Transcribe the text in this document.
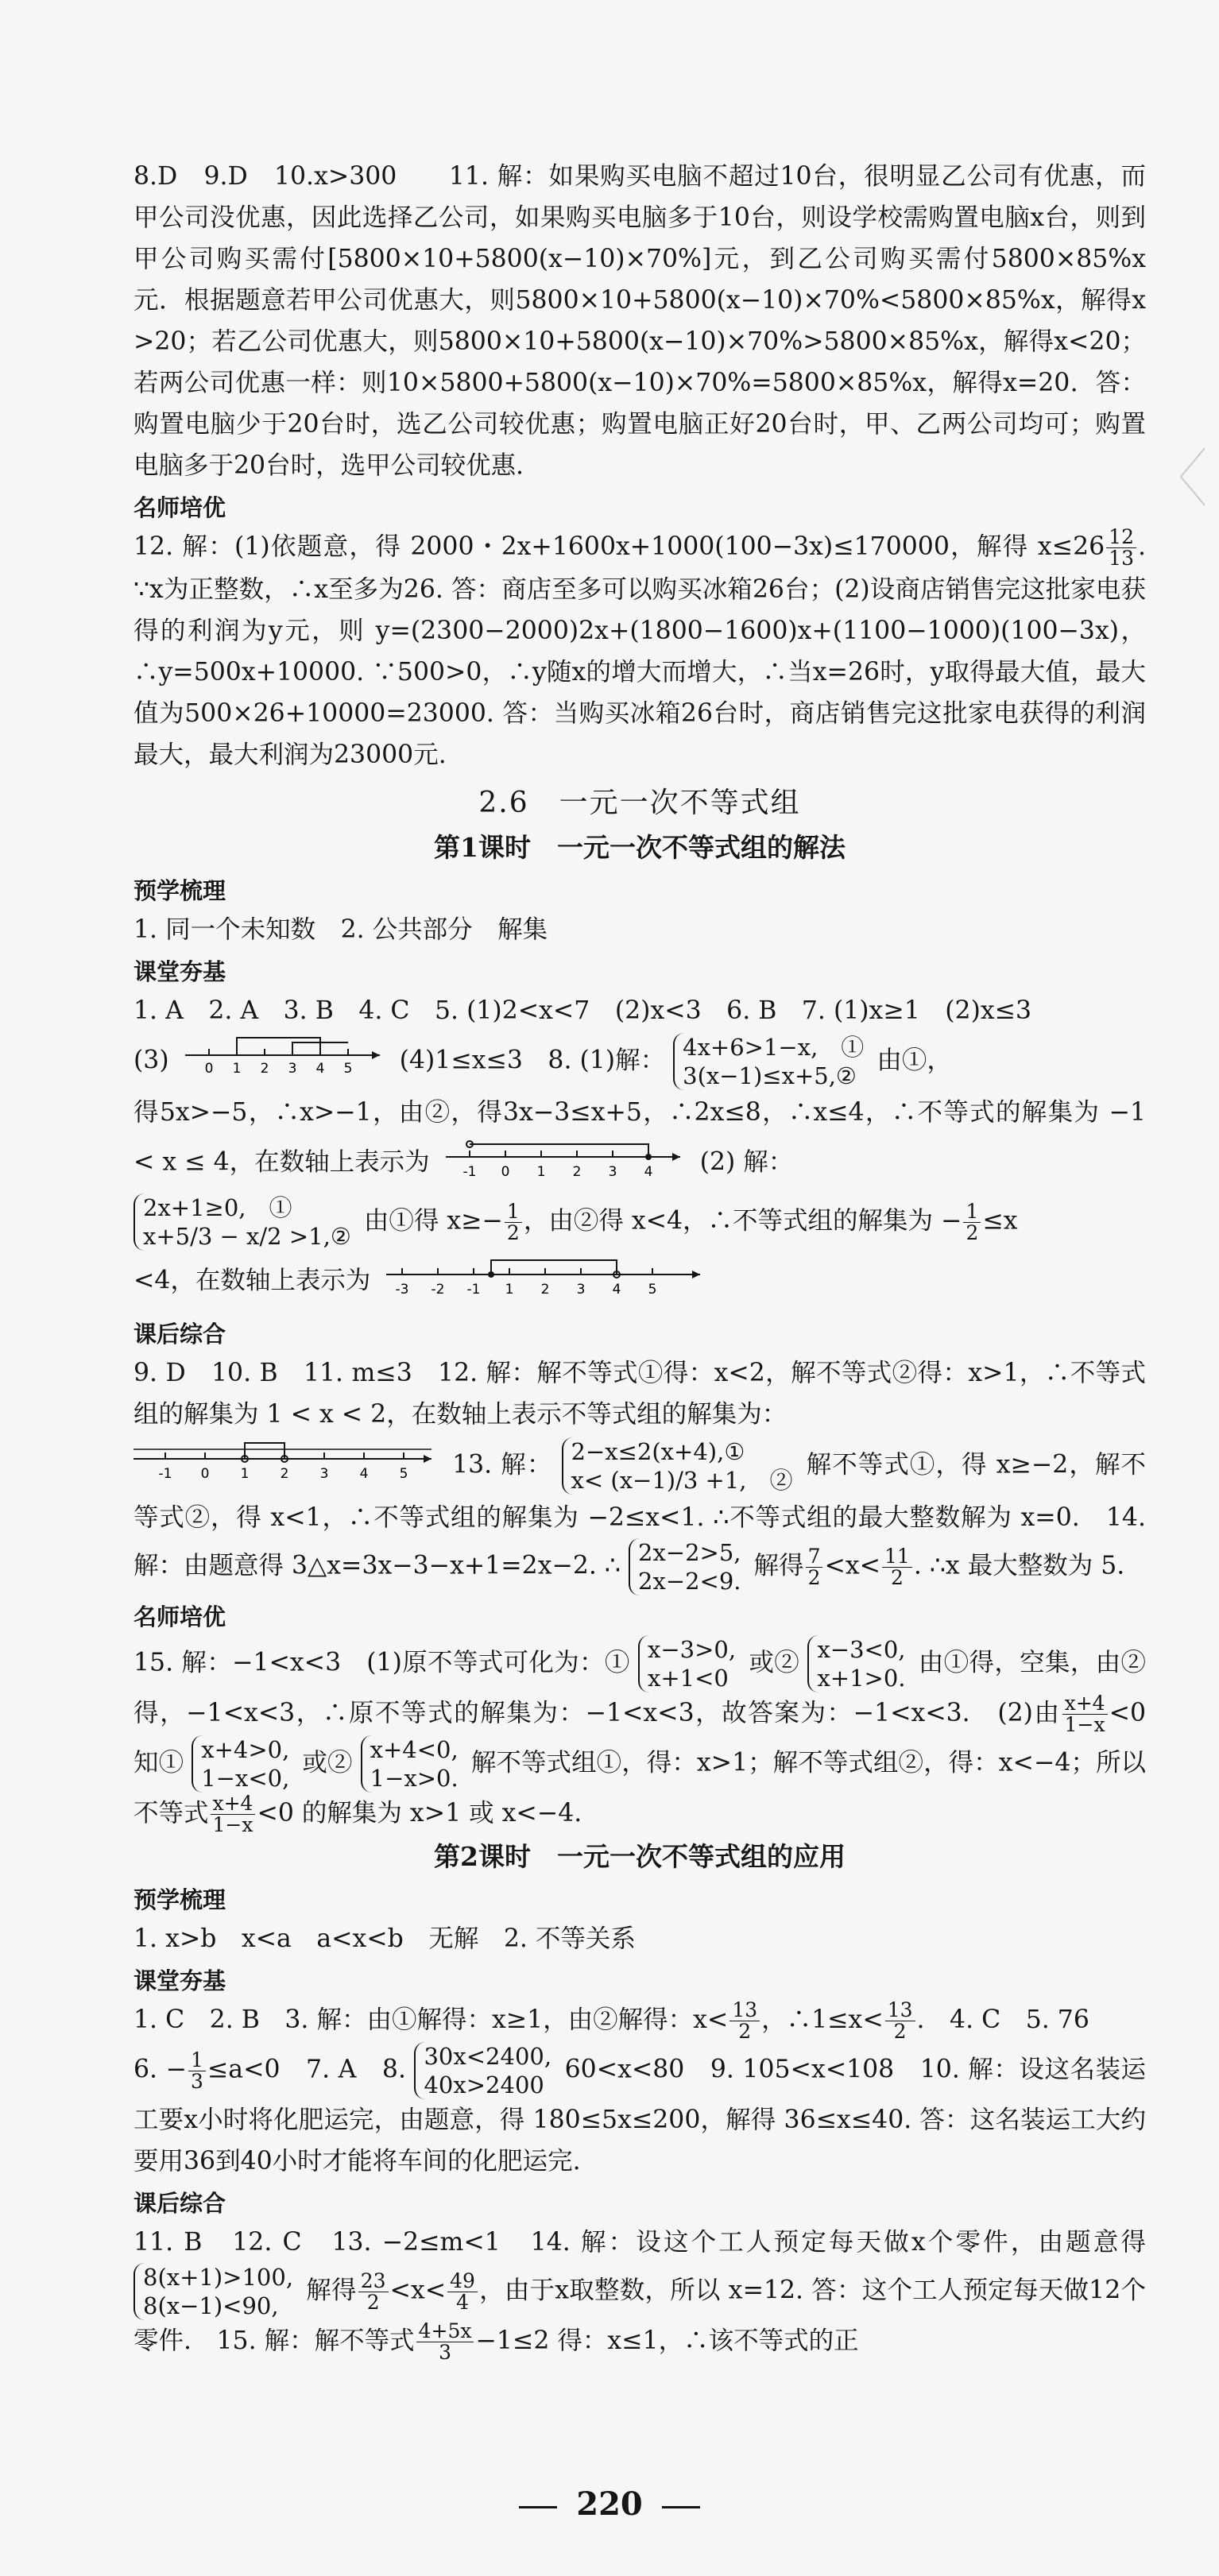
8.D　9.D　10.x>300　　11. 解：如果购买电脑不超过10台，很明显乙公司有优惠，而甲公司没优惠，因此选择乙公司，如果购买电脑多于10台，则设学校需购置电脑x台，则到甲公司购买需付[5800×10+5800(x−10)×70%]元，到乙公司购买需付5800×85%x元．根据题意若甲公司优惠大，则5800×10+5800(x−10)×70%<5800×85%x，解得x>20；若乙公司优惠大，则5800×10+5800(x−10)×70%>5800×85%x，解得x<20；若两公司优惠一样：则10×5800+5800(x−10)×70%=5800×85%x，解得x=20．答：购置电脑少于20台时，选乙公司较优惠；购置电脑正好20台时，甲、乙两公司均可；购置电脑多于20台时，选甲公司较优惠．

名师培优

12. 解：(1)依题意，得 2000・2x+1600x+1000(100−3x)≤170000，解得 $x\le 26 \frac{12}{13}$ . ∵x为正整数，∴x至多为26. 答：商店至多可以购买冰箱26台；(2)设商店销售完这批家电获得的利润为y元，则 y=(2300−2000)2x+(1800−1600)x+(1100−1000)(100−3x)，∴y=500x+10000. ∵500>0，∴y随x的增大而增大，∴当x=26时，y取得最大值，最大值为500×26+10000=23000. 答：当购买冰箱26台时，商店销售完这批家电获得的利润最大，最大利润为23000元.

2.6　一元一次不等式组
第1课时　一元一次不等式组的解法
预学梳理

1. 同一个未知数　2. 公共部分　解集

课堂夯基

1. A　2. A　3. B　4. C　5. (1)2<x<7　(2)x<3　6. B　7. (1)x≥1　(2)x≤3

(3)	0 1 2 3 4 5 (4)1≤x≤3　8. (1)解： 4x+6>1−x,　①
3(x−1)≤x+5,②
由①，

得5x>−5，∴x>−1，由②，得3x−3≤x+5，∴2x≤8，∴x≤4，∴不等式的解集为 −1 < x ≤ 4，在数轴上表示为 -1 0 1 2 3 4 (2) 解：

2x+1≥0,　①
x+5/3 − x/2 >1,②
由①得 $x\ge- \frac{1}{2}$ ，由②得 x<4，∴不等式组的解集为 − $\frac{1}{2} \le x$

<4，在数轴上表示为 -3 -2 -1 1 2 3 4 5

课后综合

9. D　10. B　11. m≤3　12. 解：解不等式①得：x<2，解不等式②得：x>1，∴不等式组的解集为 1 < x < 2，在数轴上表示不等式组的解集为：

-1 0 1 2 3 4 5 13. 解： 2−x≤2(x+4),①
x< (x−1)/3 +1,　②
解不等式①，得 x≥−2，解不等式②，得 x<1，∴不等式组的解集为 −2≤x<1. ∴不等式组的最大整数解为 x=0.　14. 解：由题意得 3△x=3x−3−x+1=2x−2. ∴ 2x−2>5,
2x−2<9.
解得 $\frac{7}{2} <x< \frac{11}{2}$ . ∴x 最大整数为 5.

名师培优

15. 解：−1<x<3　(1)原不等式可化为：① x−3>0,
x+1<0
或② x−3<0,
x+1>0.
由①得，空集，由②得，−1<x<3，∴原不等式的解集为：−1<x<3，故答案为：−1<x<3.　(2)由 $\frac{x+4}{1-x} <0$ 知① x+4>0,
1−x<0,
或② x+4<0,
1−x>0.
解不等式组①，得：x>1；解不等式组②，得：x<−4；所以不等式 $\frac{x+4}{1-x} <0$ 的解集为 x>1 或 x<−4.

第2课时　一元一次不等式组的应用
预学梳理

1. x>b　x<a　a<x<b　无解　2. 不等关系

课堂夯基

1. C　2. B　3. 解：由①解得：x≥1，由②解得：$x< \frac{13}{2}$ ，∴1≤x< $\frac{13}{2}$ .　4. C　5. 76

6. − $\frac{1}{3} \le a<0$　7. A　8. 30x<2400,
40x>2400
60<x<80　9. 105<x<108　10. 解：设这名装运工要x小时将化肥运完，由题意，得 180≤5x≤200，解得 36≤x≤40. 答：这名装运工大约要用36到40小时才能将车间的化肥运完.

课后综合

11. B　12. C　13. −2≤m<1　14. 解：设这个工人预定每天做x个零件，由题意得
8(x+1)>100,
8(x−1)<90,
解得 $\frac{23}{2} <x< \frac{49}{4}$ ，由于x取整数，所以 x=12. 答：这个工人预定每天做12个零件.　15. 解：解不等式 $\frac{4+5x}{3} -1\le 2$ 得：x≤1，∴该不等式的正

220
